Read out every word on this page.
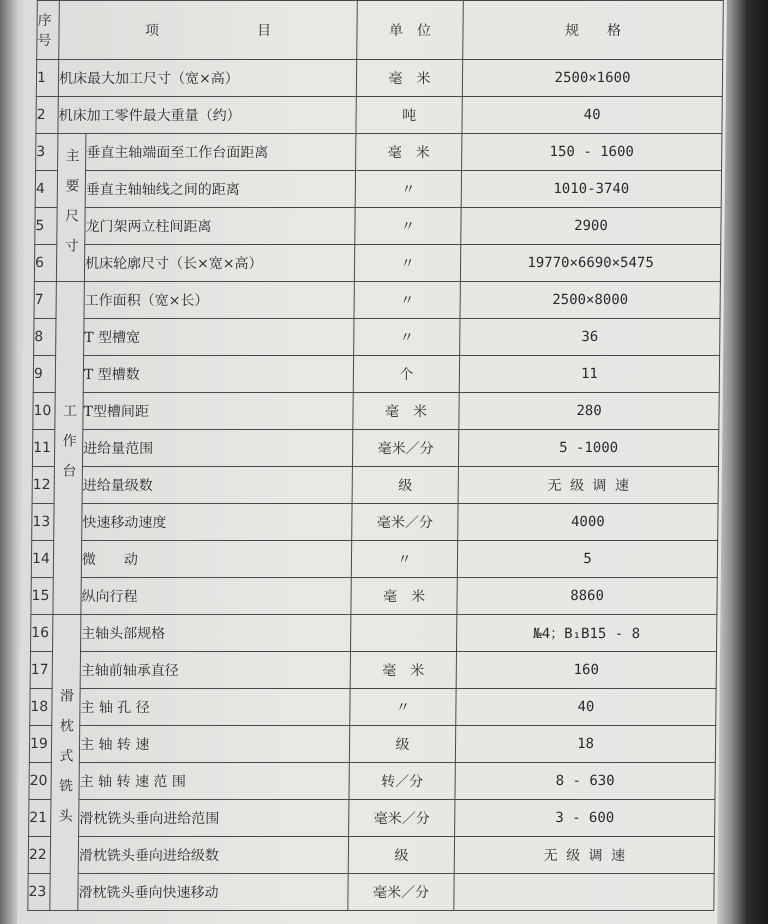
序号	项　　　　　　　目		单　位	规　　格
1	机床最大加工尺寸（宽×高）		毫　米	2500×1600
2	机床加工零件最大重量（约）		吨	40
3	主要尺寸	垂直主轴端面至工作台面距离	毫　米	150 - 1600
4		垂直主轴轴线之间的距离	〃	1010-3740
5		龙门架两立柱间距离	〃	2900
6		机床轮廓尺寸（长×宽×高）	〃	19770×6690×5475
7	工作台	工作面积（宽×长）	〃	2500×8000
8		T 型槽宽	〃	36
9		T 型槽数	个	11
10		T型槽间距	毫　米	280
11		进给量范围	毫米／分	5 -1000
12		进给量级数	级	无 级 调 速
13		快速移动速度	毫米／分	4000
14		微　　动	〃	5
15		纵向行程	毫　米	8860
16	滑枕式铣头	主轴头部规格		№4；B₁B15 - 8
17		主轴前轴承直径	毫　米	160
18		主 轴 孔 径	〃	40
19		主 轴 转 速	级	18
20		主 轴 转 速 范 围	转／分	8 - 630
21		滑枕铣头垂向进给范围	毫米／分	3 - 600
22		滑枕铣头垂向进给级数	级	无 级 调 速
23		滑枕铣头垂向快速移动	毫米／分	
